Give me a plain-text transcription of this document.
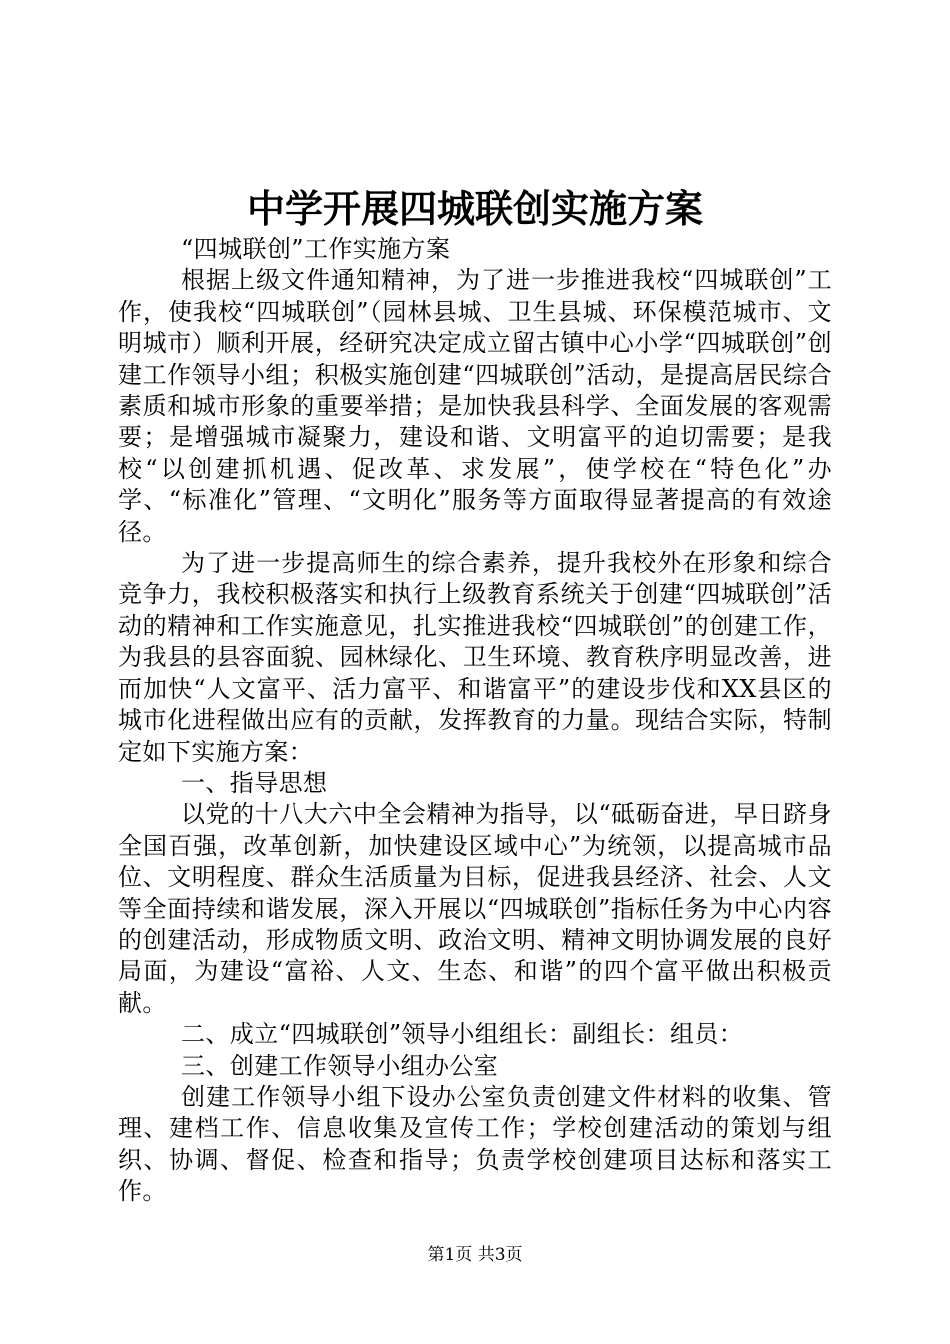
中学开展四城联创实施方案

“四城联创”工作实施方案

根据上级文件通知精神，为了进一步推进我校“四城联创”工作，使我校“四城联创”（园林县城、卫生县城、环保模范城市、文明城市）顺利开展，经研究决定成立留古镇中心小学“四城联创”创建工作领导小组；积极实施创建“四城联创”活动，是提高居民综合素质和城市形象的重要举措；是加快我县科学、全面发展的客观需要；是增强城市凝聚力，建设和谐、文明富平的迫切需要；是我校“以创建抓机遇、促改革、求发展”，使学校在“特色化”办学、“标准化”管理、“文明化”服务等方面取得显著提高的有效途径。

为了进一步提高师生的综合素养，提升我校外在形象和综合竞争力，我校积极落实和执行上级教育系统关于创建“四城联创”活动的精神和工作实施意见，扎实推进我校“四城联创”的创建工作，为我县的县容面貌、园林绿化、卫生环境、教育秩序明显改善，进而加快“人文富平、活力富平、和谐富平”的建设步伐和XX县区的城市化进程做出应有的贡献，发挥教育的力量。现结合实际，特制定如下实施方案：

一、指导思想

以党的十八大六中全会精神为指导，以“砥砺奋进，早日跻身全国百强，改革创新，加快建设区域中心”为统领，以提高城市品位、文明程度、群众生活质量为目标，促进我县经济、社会、人文等全面持续和谐发展，深入开展以“四城联创”指标任务为中心内容的创建活动，形成物质文明、政治文明、精神文明协调发展的良好局面，为建设“富裕、人文、生态、和谐”的四个富平做出积极贡献。

二、成立“四城联创”领导小组组长：副组长：组员：

三、创建工作领导小组办公室

创建工作领导小组下设办公室负责创建文件材料的收集、管理、建档工作、信息收集及宣传工作；学校创建活动的策划与组织、协调、督促、检查和指导；负责学校创建项目达标和落实工作。

第1页 共3页
